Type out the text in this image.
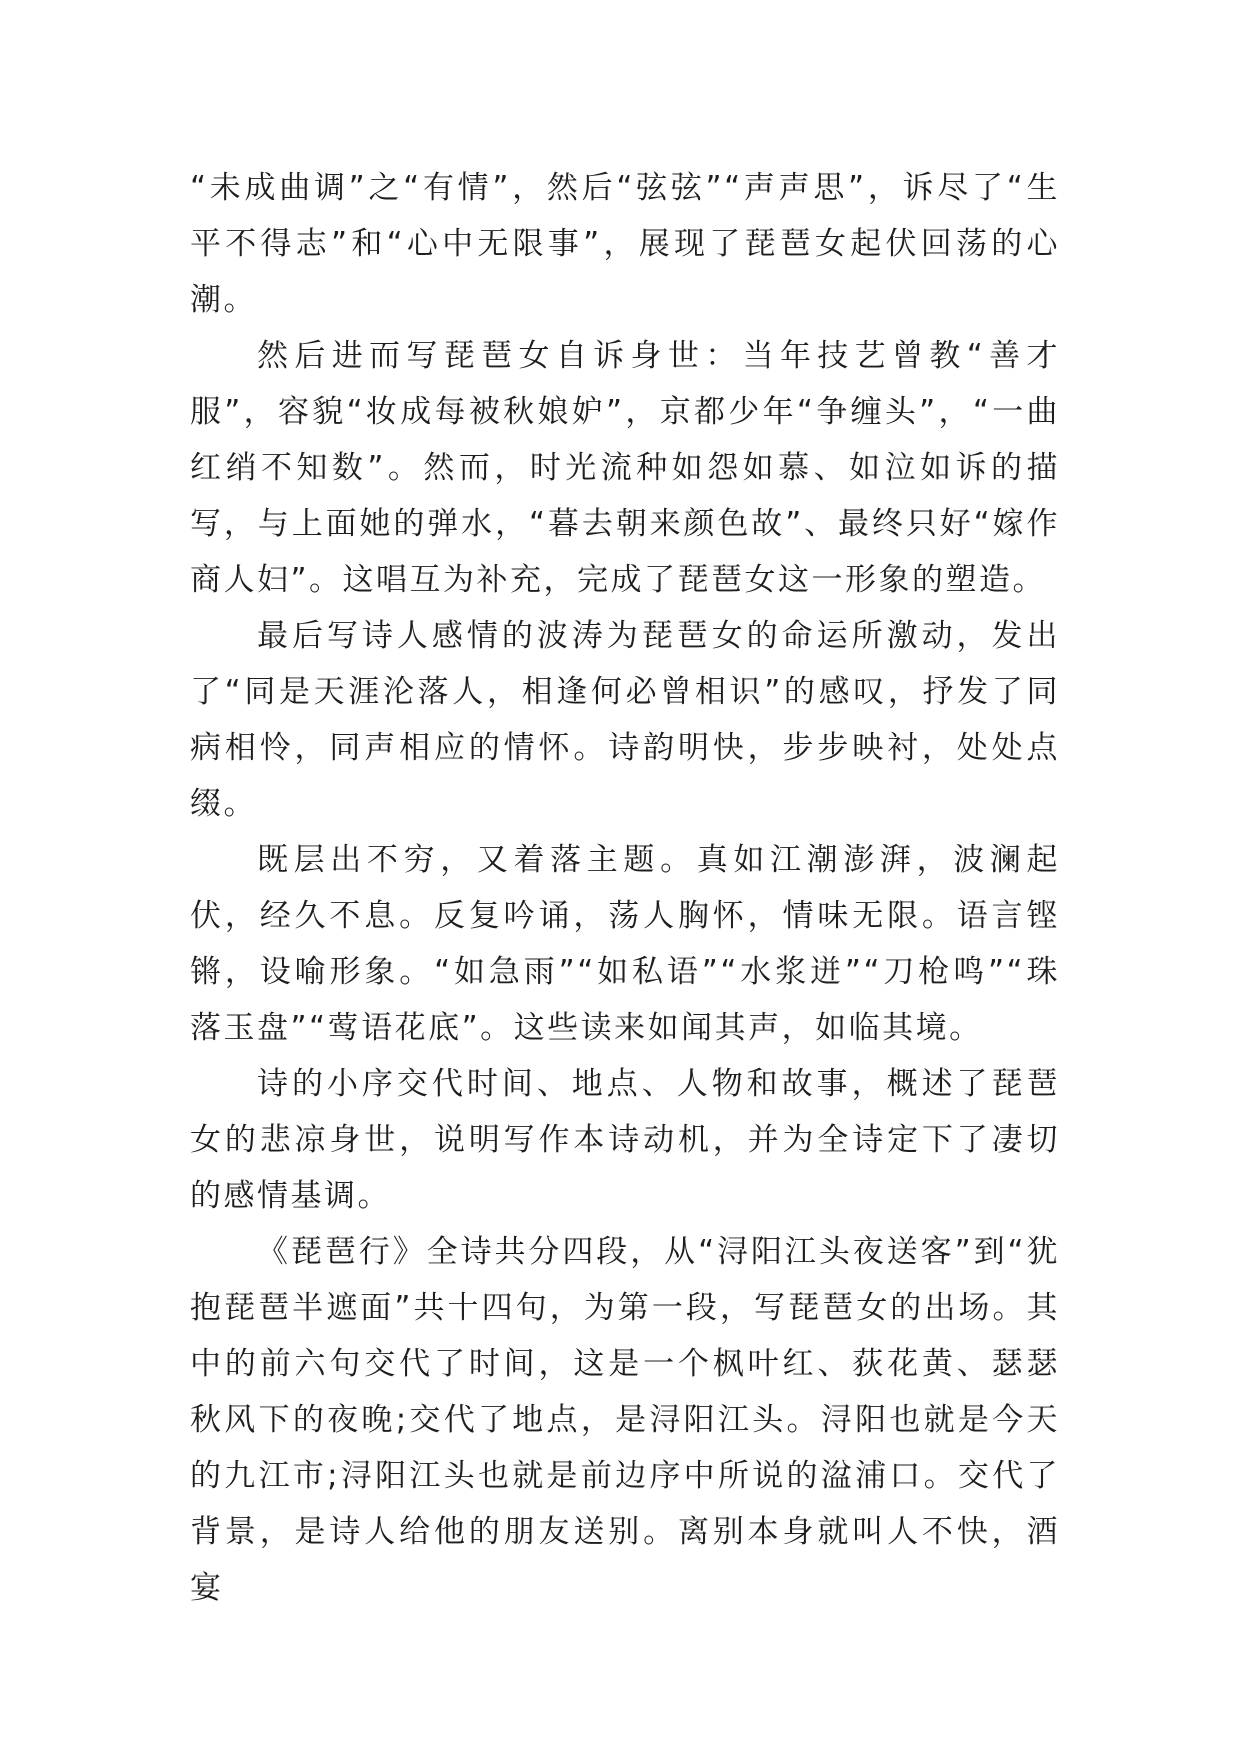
“未成曲调”之“有情”，然后“弦弦”“声声思”，诉尽了“生平不得志”和“心中无限事”，展现了琵琶女起伏回荡的心潮。

然后进而写琵琶女自诉身世：当年技艺曾教“善才服”，容貌“妆成每被秋娘妒”，京都少年“争缠头”，“一曲红绡不知数”。然而，时光流种如怨如慕、如泣如诉的描写，与上面她的弹水，“暮去朝来颜色故”、最终只好“嫁作商人妇”。这唱互为补充，完成了琵琶女这一形象的塑造。

最后写诗人感情的波涛为琵琶女的命运所激动，发出了“同是天涯沦落人，相逢何必曾相识”的感叹，抒发了同病相怜，同声相应的情怀。诗韵明快，步步映衬，处处点缀。

既层出不穷，又着落主题。真如江潮澎湃，波澜起伏，经久不息。反复吟诵，荡人胸怀，情味无限。语言铿锵，设喻形象。“如急雨”“如私语”“水浆迸”“刀枪鸣”“珠落玉盘”“莺语花底”。这些读来如闻其声，如临其境。

诗的小序交代时间、地点、人物和故事，概述了琵琶女的悲凉身世，说明写作本诗动机，并为全诗定下了凄切的感情基调。

《琵琶行》全诗共分四段，从“浔阳江头夜送客”到“犹抱琵琶半遮面”共十四句，为第一段，写琵琶女的出场。其中的前六句交代了时间，这是一个枫叶红、荻花黄、瑟瑟秋风下的夜晚;交代了地点，是浔阳江头。浔阳也就是今天的九江市;浔阳江头也就是前边序中所说的湓浦口。交代了背景，是诗人给他的朋友送别。离别本身就叫人不快，酒宴
